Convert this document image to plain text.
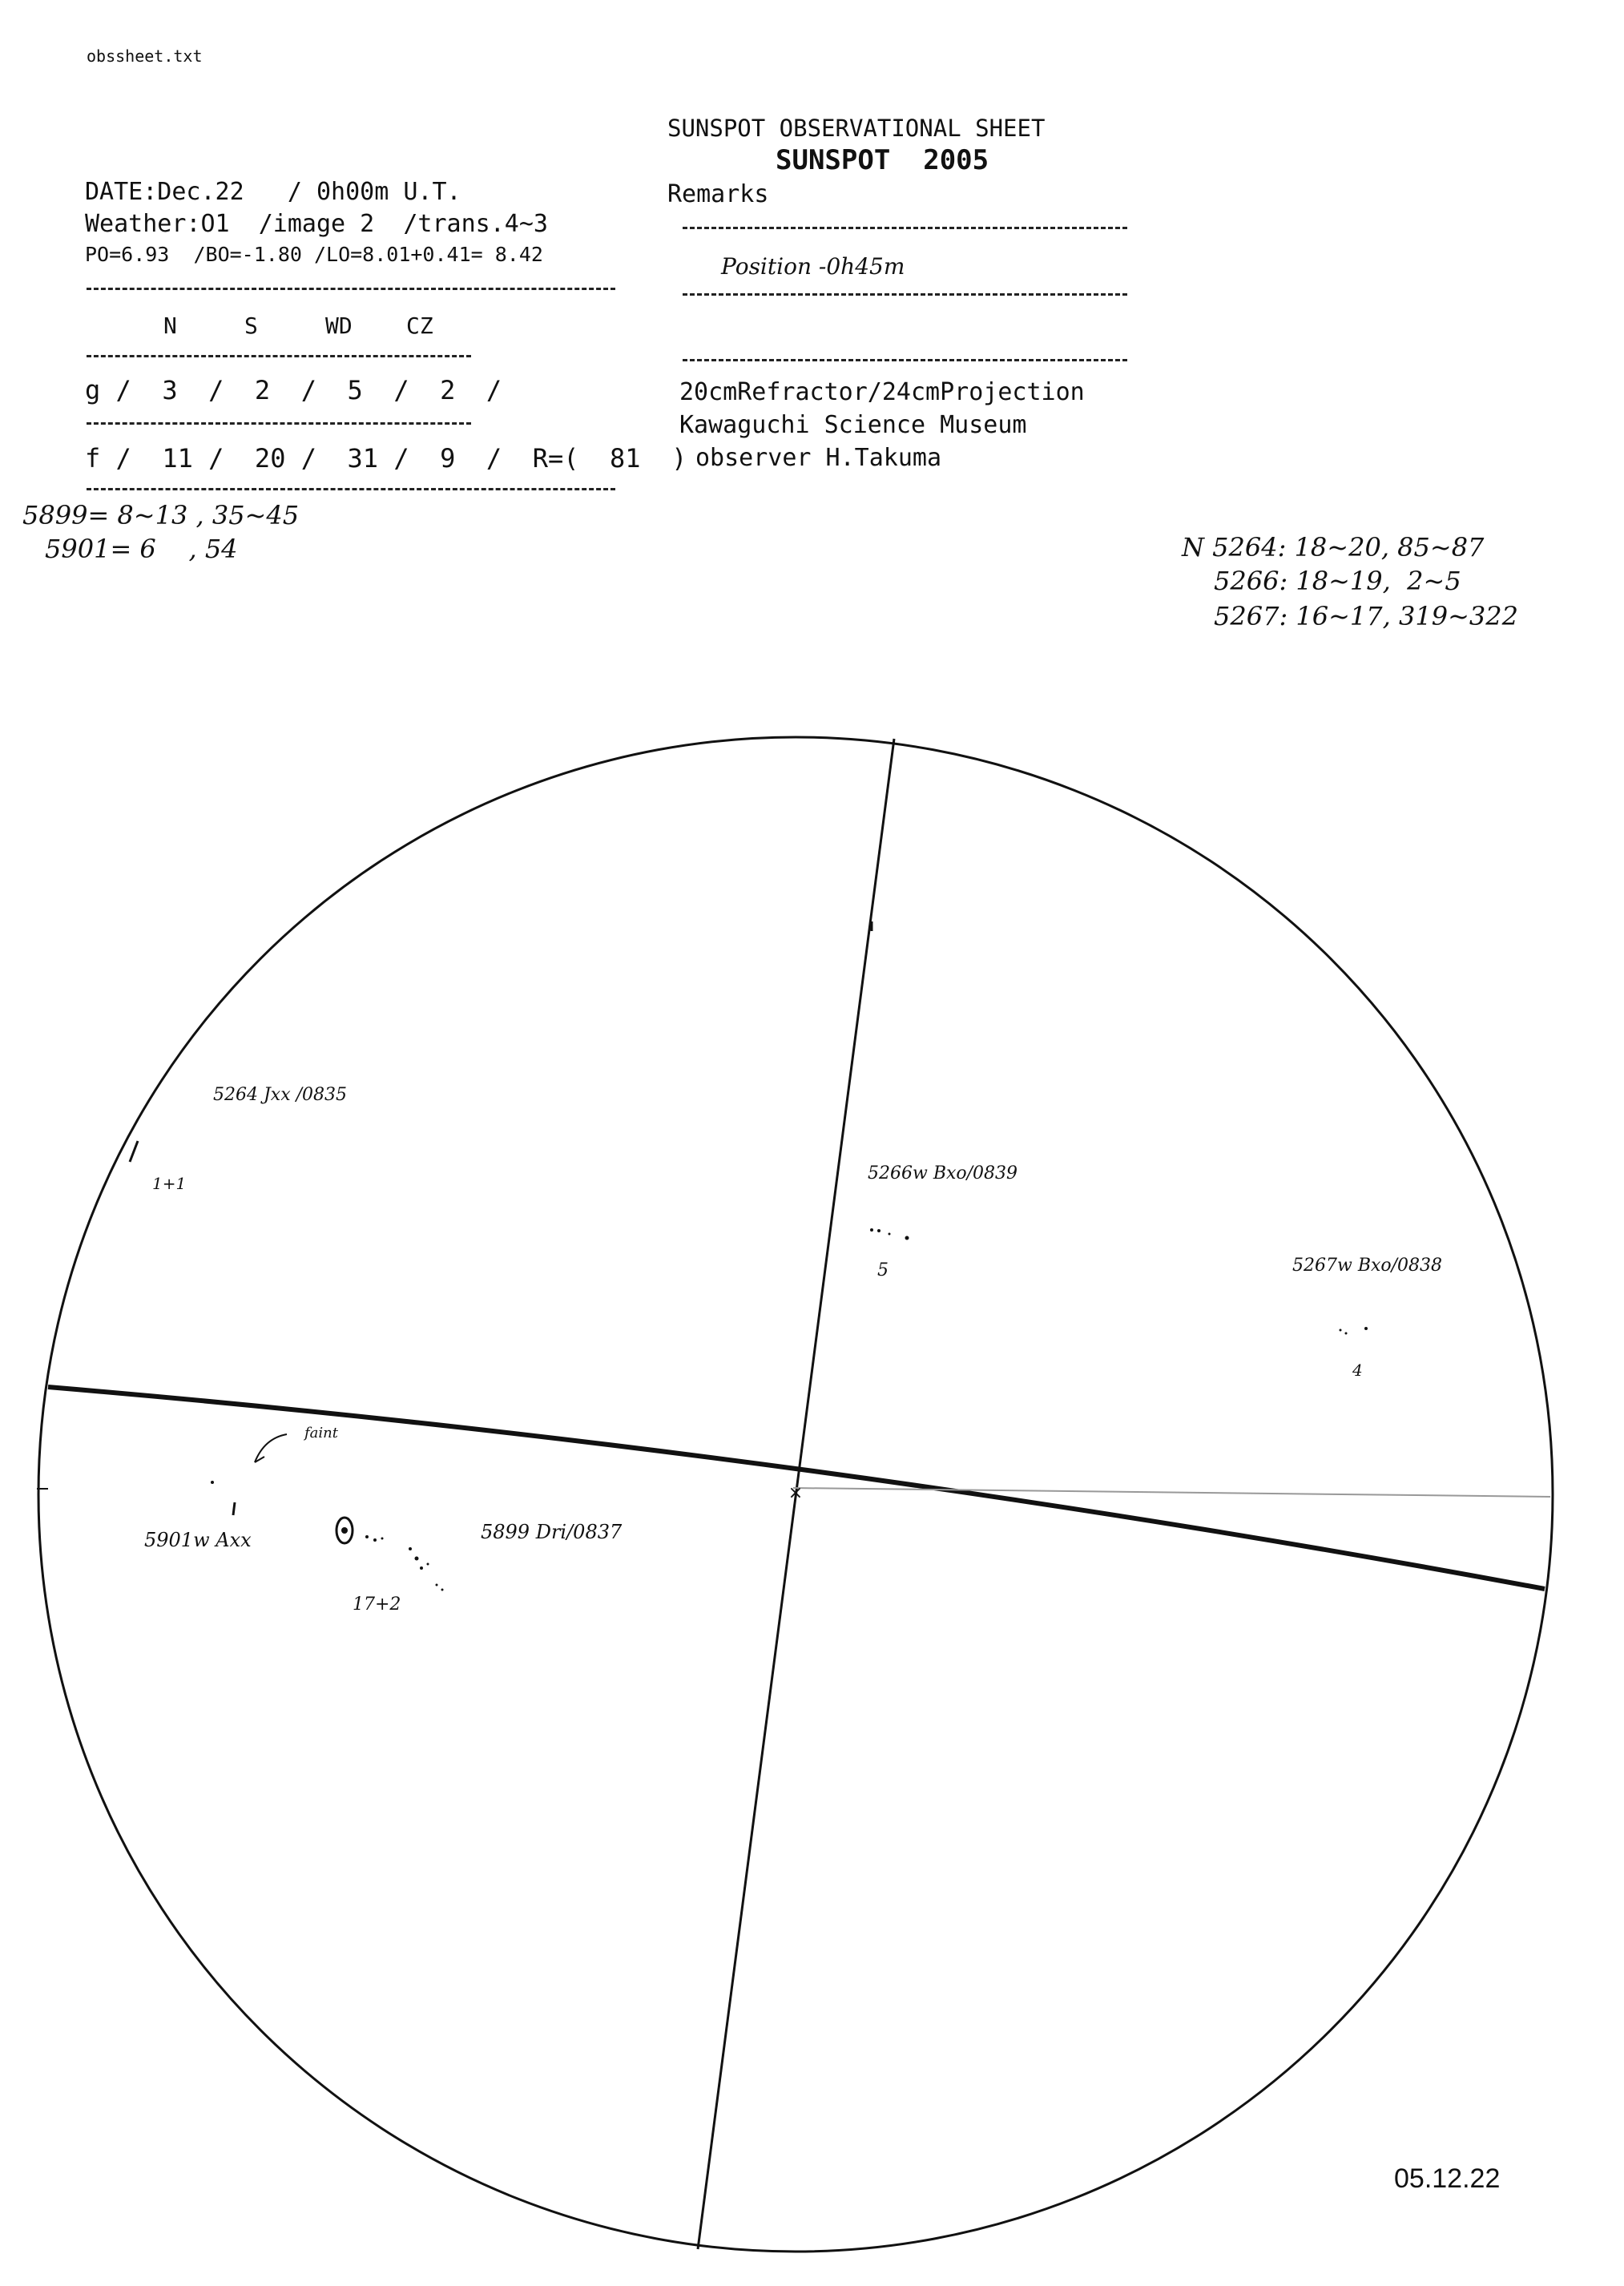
obssheet.txt
SUNSPOT OBSERVATIONAL SHEET
SUNSPOT  2005
DATE:Dec.22   / 0h00m U.T.
Weather:O1  /image 2  /trans.4~3
PO=6.93  /BO=-1.80 /LO=8.01+0.41= 8.42
N	S	WD CZ
g /  3  /  2  /  5  /  2  /
f /  11 /  20 /  31 /  9  /  R=(  81  )
5899= 8~13 , 35~45
5901= 6    , 54
Remarks
Position -0h45m
20cmRefractor/24cmProjection
Kawaguchi Science Museum
observer H.Takuma
N 5264: 18~20, 85~87
5266: 18~19,  2~5
5267: 16~17, 319~322
×
5264 Jxx /0835
1+1	5266w Bxo/0839
5	5267w Bxo/0838
4
faint
5901w Axx	5899 Dri/0837
17+2
05.12.22
